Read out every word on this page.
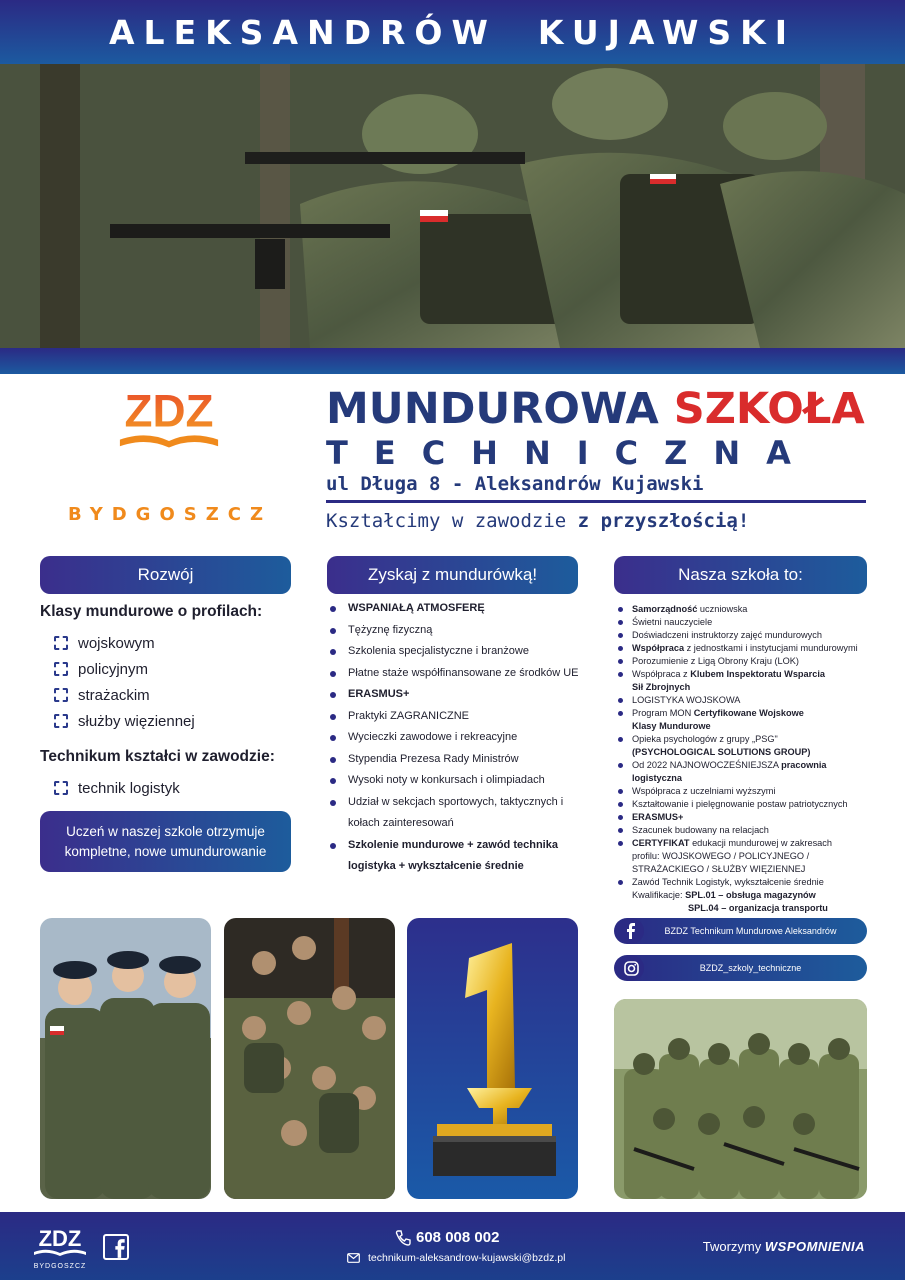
ALEKSANDRÓW  KUJAWSKI
ZDZ
BYDGOSZCZ
MUNDUROWA SZKOŁA
TECHNICZNA
ul Długa 8 - Aleksandrów Kujawski
Kształcimy w zawodzie z przyszłością!
Rozwój	Zyskaj z mundurówką!	Nasza szkoła to:
Klasy mundurowe o profilach:
wojskowym
policyjnym
strażackim
służby więziennej
Technikum kształci w zawodzie:
technik logistyk
Uczeń w naszej szkole otrzymuje kompletne, nowe umundurowanie
WSPANIAŁĄ ATMOSFERĘ
Tężyznę fizyczną
Szkolenia specjalistyczne i branżowe
Płatne staże współfinansowane ze środków UE
ERASMUS+
Praktyki ZAGRANICZNE
Wycieczki zawodowe i rekreacyjne
Stypendia Prezesa Rady Ministrów
Wysoki noty w konkursach i olimpiadach
Udział w sekcjach sportowych, taktycznych i kołach zainteresowań
Szkolenie mundurowe + zawód technika logistyka + wykształcenie średnie
Samorządność uczniowska
Świetni nauczyciele
Doświadczeni instruktorzy zajęć mundurowych
Współpraca z jednostkami i instytucjami mundurowymi
Porozumienie z Ligą Obrony Kraju (LOK)
Współpraca z Klubem Inspektoratu Wsparcia
Sił Zbrojnych
LOGISTYKA WOJSKOWA
Program MON Certyfikowane Wojskowe
Klasy Mundurowe
Opieka psychologów z grupy „PSG"
(PSYCHOLOGICAL SOLUTIONS GROUP)
Od 2022 NAJNOWOCZEŚNIEJSZA pracownia logistyczna
Współpraca z uczelniami wyższymi
Kształtowanie i pielęgnowanie postaw patriotycznych
ERASMUS+
Szacunek budowany na relacjach
CERTYFIKAT edukacji mundurowej w zakresach
profilu: WOJSKOWEGO / POLICYJNEGO /
STRAŻACKIEGO / SŁUŻBY WIĘZIENNEJ
Zawód Technik Logistyk, wykształcenie średnie
Kwalifikacje: SPL.01 – obsługa magazynów
SPL.04 – organizacja transportu
BZDZ Technikum Mundurowe Aleksandrów
BZDZ_szkoly_techniczne
ZDZ
BYDGOSZCZ
608 008 002
technikum-aleksandrow-kujawski@bzdz.pl
Tworzymy WSPOMNIENIA
